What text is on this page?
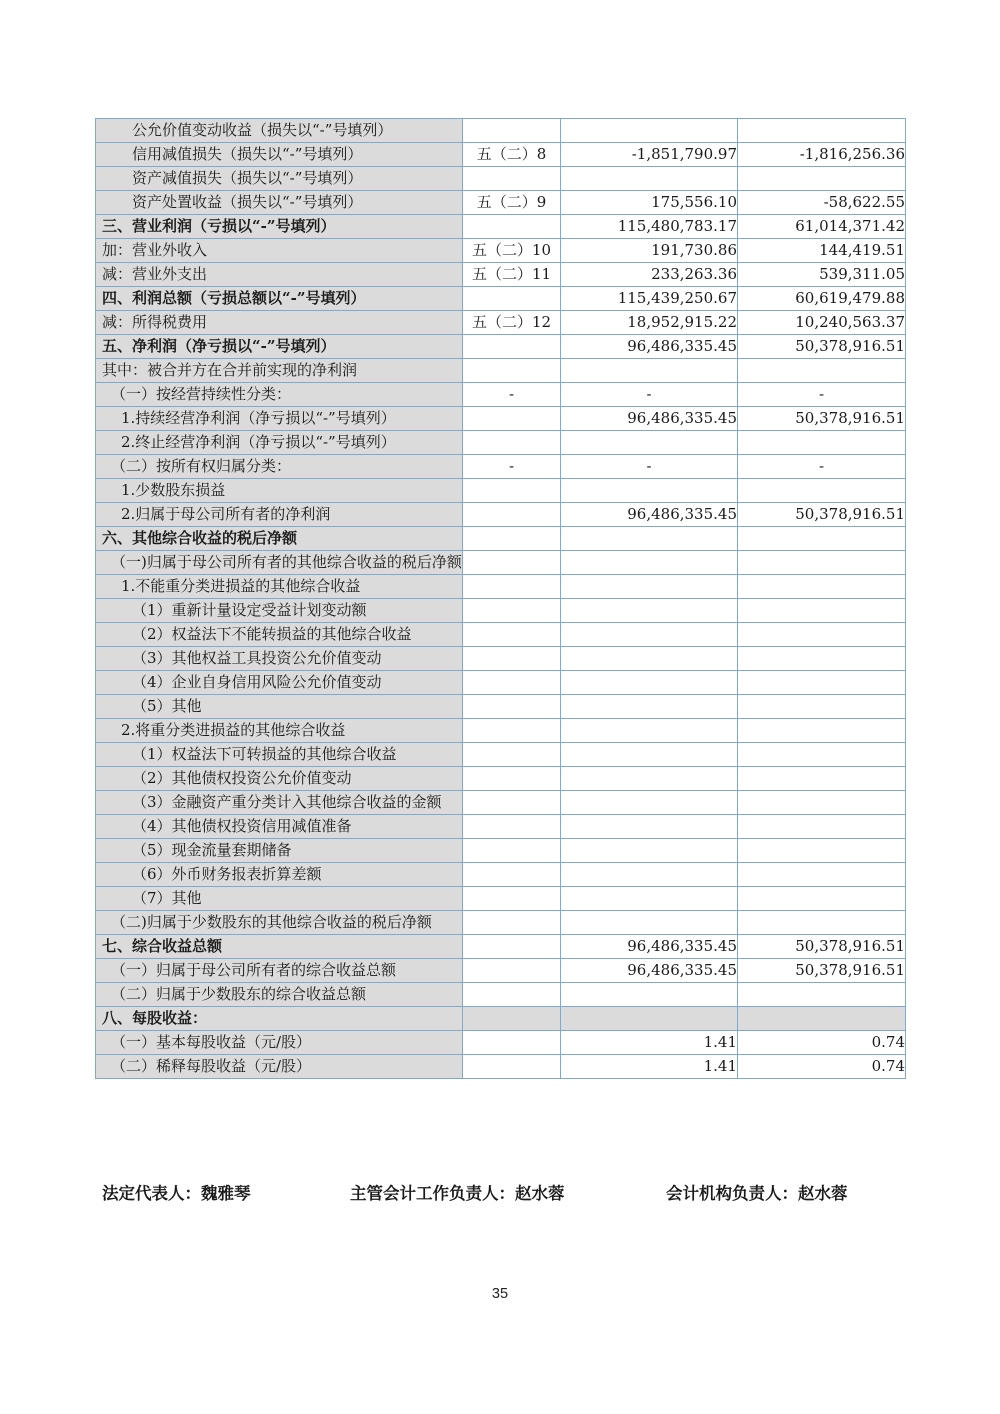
公允价值变动收益（损失以“-”号填列）			
信用减值损失（损失以“-”号填列）	五（二）8	-1,851,790.97	-1,816,256.36
资产减值损失（损失以“-”号填列）			
资产处置收益（损失以“-”号填列）	五（二）9	175,556.10	-58,622.55
三、营业利润（亏损以“-”号填列）		115,480,783.17	61,014,371.42
加：营业外收入	五（二）10	191,730.86	144,419.51
减：营业外支出	五（二）11	233,263.36	539,311.05
四、利润总额（亏损总额以“-”号填列）		115,439,250.67	60,619,479.88
减：所得税费用	五（二）12	18,952,915.22	10,240,563.37
五、净利润（净亏损以“-”号填列）		96,486,335.45	50,378,916.51
其中：被合并方在合并前实现的净利润			
（一）按经营持续性分类：	-	-	-
1.持续经营净利润（净亏损以“-”号填列）		96,486,335.45	50,378,916.51
2.终止经营净利润（净亏损以“-”号填列）			
（二）按所有权归属分类：	-	-	-
1.少数股东损益			
2.归属于母公司所有者的净利润		96,486,335.45	50,378,916.51
六、其他综合收益的税后净额			
（一)归属于母公司所有者的其他综合收益的税后净额			
1.不能重分类进损益的其他综合收益			
（1）重新计量设定受益计划变动额			
（2）权益法下不能转损益的其他综合收益			
（3）其他权益工具投资公允价值变动			
（4）企业自身信用风险公允价值变动			
（5）其他			
2.将重分类进损益的其他综合收益			
（1）权益法下可转损益的其他综合收益			
（2）其他债权投资公允价值变动			
（3）金融资产重分类计入其他综合收益的金额			
（4）其他债权投资信用减值准备			
（5）现金流量套期储备			
（6）外币财务报表折算差额			
（7）其他			
（二)归属于少数股东的其他综合收益的税后净额			
七、综合收益总额		96,486,335.45	50,378,916.51
（一）归属于母公司所有者的综合收益总额		96,486,335.45	50,378,916.51
（二）归属于少数股东的综合收益总额			
八、每股收益：			
（一）基本每股收益（元/股）		1.41	0.74
（二）稀释每股收益（元/股）		1.41	0.74
法定代表人：魏雅琴	主管会计工作负责人：赵水蓉	会计机构负责人：赵水蓉
35
